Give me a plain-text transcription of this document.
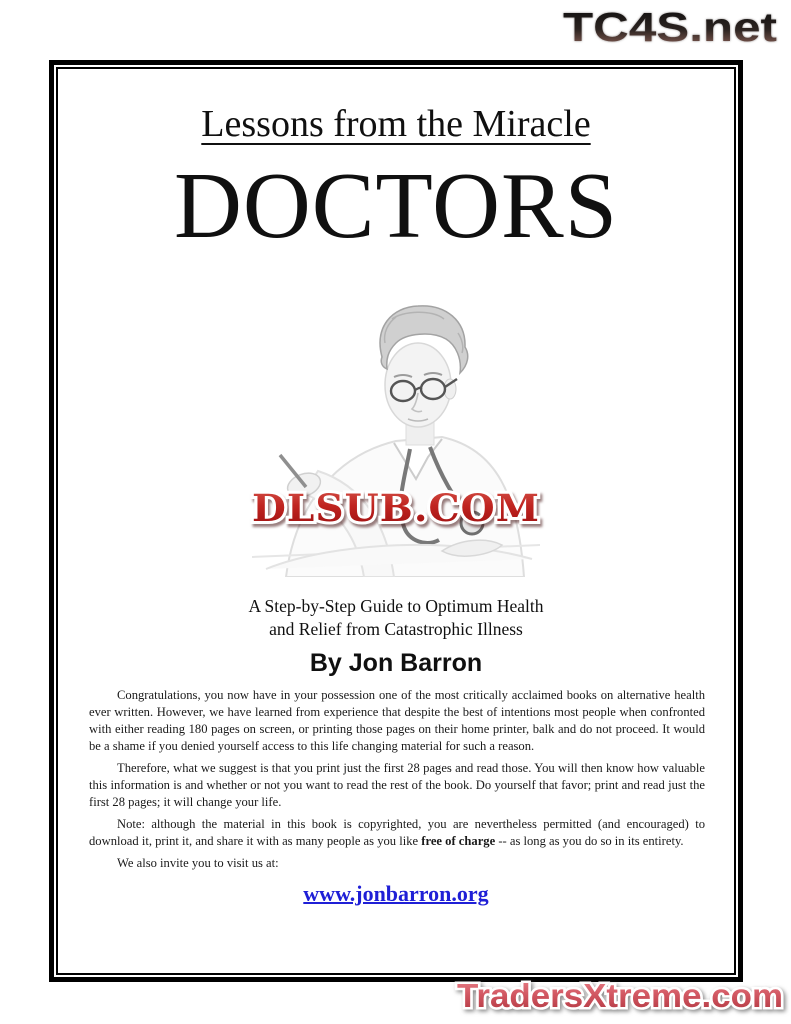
TC4S.net
Lessons from the Miracle
DOCTORS
DLSUB.COM
A Step-by-Step Guide to Optimum Health
and Relief from Catastrophic Illness
By Jon Barron

Congratulations, you now have in your possession one of the most critically acclaimed books on alternative health ever written. However, we have learned from experience that despite the best of intentions most people when confronted with either reading 180 pages on screen, or printing those pages on their home printer, balk and do not proceed. It would be a shame if you denied yourself access to this life changing material for such a reason.

Therefore, what we suggest is that you print just the first 28 pages and read those. You will then know how valuable this information is and whether or not you want to read the rest of the book. Do yourself that favor; print and read just the first 28 pages; it will change your life.

Note: although the material in this book is copyrighted, you are nevertheless permitted (and encouraged) to download it, print it, and share it with as many people as you like free of charge -- as long as you do so in its entirety.

We also invite you to visit us at:

www.jonbarron.org
TradersXtreme.com
